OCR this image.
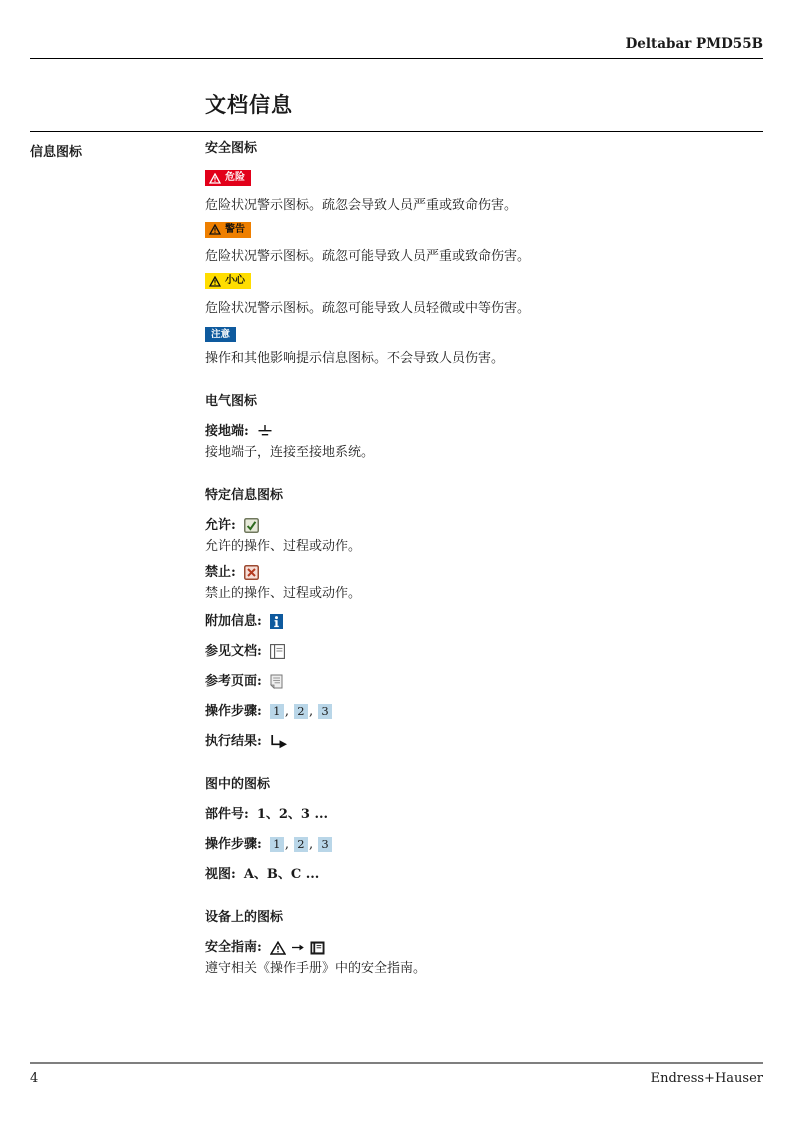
Deltabar PMD55B
文档信息
信息图标	安全图标

危险

危险状况警示图标。疏忽会导致人员严重或致命伤害。

警告

危险状况警示图标。疏忽可能导致人员严重或致命伤害。

小心

危险状况警示图标。疏忽可能导致人员轻微或中等伤害。

注意

操作和其他影响提示信息图标。不会导致人员伤害。

电气图标

接地端:

接地端子，连接至接地系统。

特定信息图标

允许:

允许的操作、过程或动作。

禁止:

禁止的操作、过程或动作。

附加信息:
参见文档:
参考页面:
操作步骤: 1 , 2 , 3
执行结果:

图中的图标

部件号: 1、2、3 ...
操作步骤: 1 , 2 , 3
视图: A、B、C ...

设备上的图标

安全指南:

遵守相关《操作手册》中的安全指南。

4	Endress+Hauser
